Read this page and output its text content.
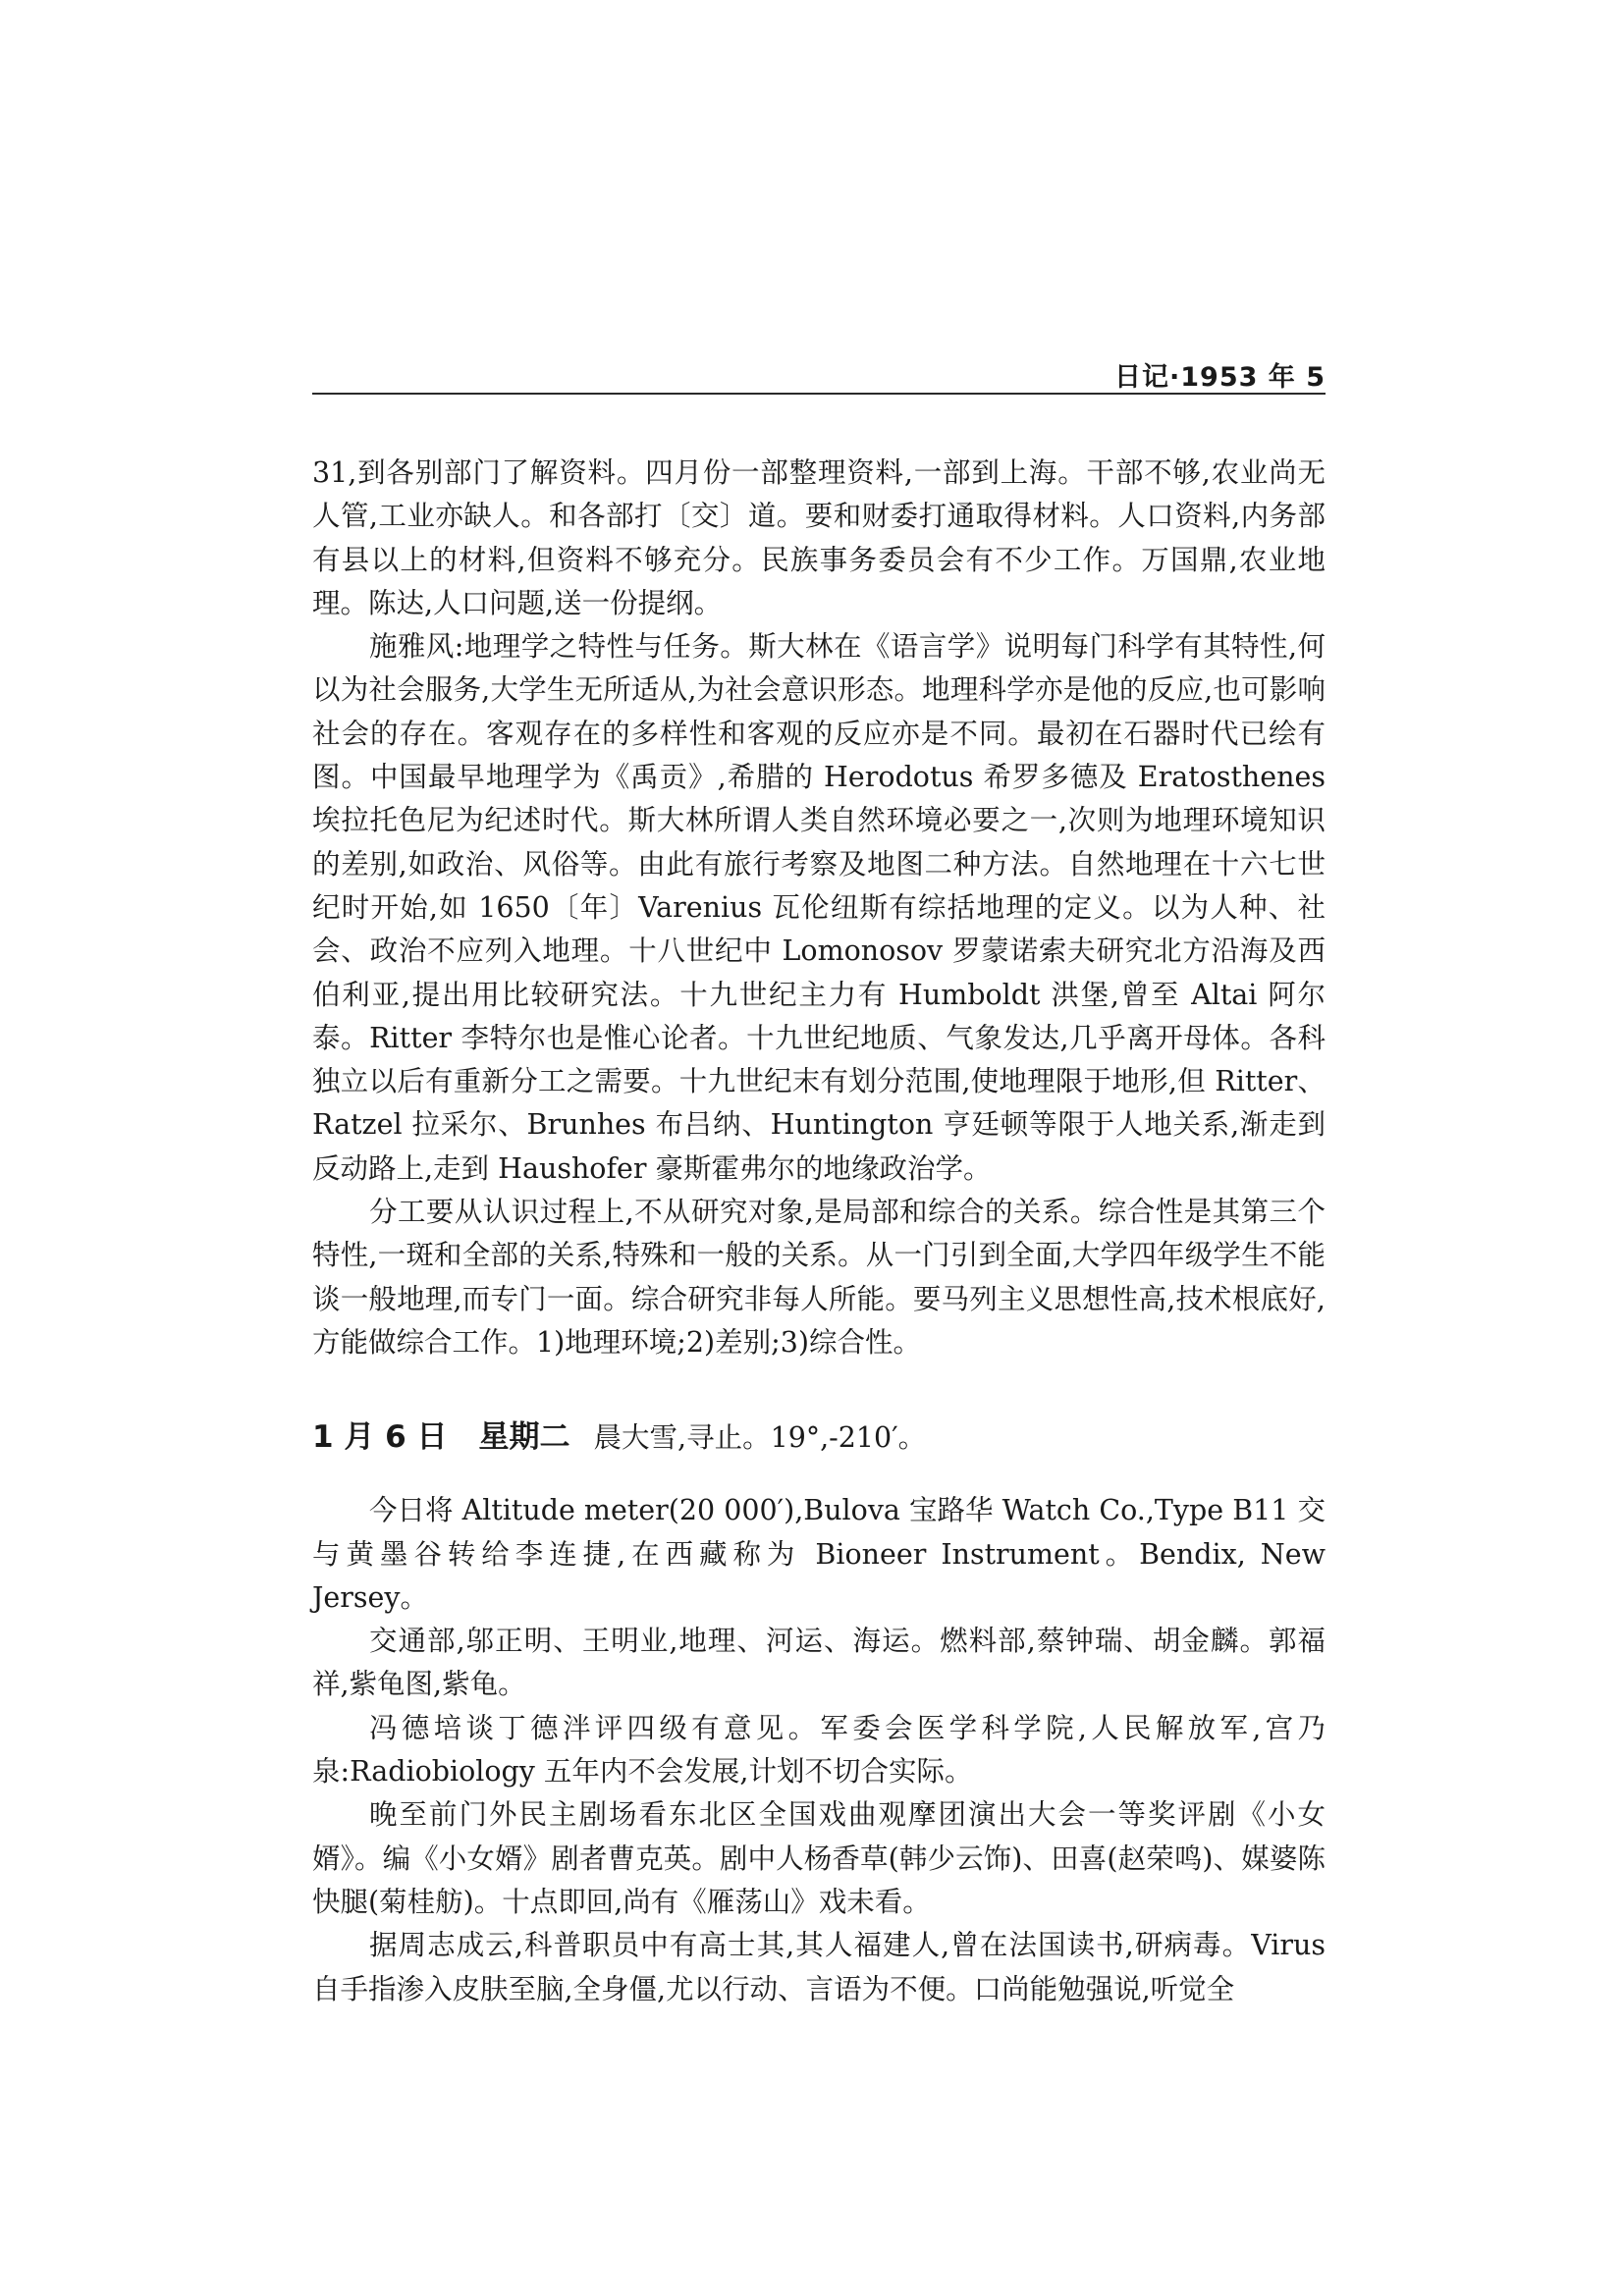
日记·1953 年 5

31,到各别部门了解资料。四月份一部整理资料,一部到上海。干部不够,农业尚无人管,工业亦缺人。和各部打〔交〕道。要和财委打通取得材料。人口资料,内务部有县以上的材料,但资料不够充分。民族事务委员会有不少工作。万国鼎,农业地理。陈达,人口问题,送一份提纲。

施雅风:地理学之特性与任务。斯大林在《语言学》说明每门科学有其特性,何以为社会服务,大学生无所适从,为社会意识形态。地理科学亦是他的反应,也可影响社会的存在。客观存在的多样性和客观的反应亦是不同。最初在石器时代已绘有图。中国最早地理学为《禹贡》,希腊的 Herodotus 希罗多德及 Eratosthenes 埃拉托色尼为纪述时代。斯大林所谓人类自然环境必要之一,次则为地理环境知识的差别,如政治、风俗等。由此有旅行考察及地图二种方法。自然地理在十六七世纪时开始,如 1650〔年〕Varenius 瓦伦纽斯有综括地理的定义。以为人种、社会、政治不应列入地理。十八世纪中 Lomonosov 罗蒙诺索夫研究北方沿海及西伯利亚,提出用比较研究法。十九世纪主力有 Humboldt 洪堡,曾至 Altai 阿尔泰。Ritter 李特尔也是惟心论者。十九世纪地质、气象发达,几乎离开母体。各科独立以后有重新分工之需要。十九世纪末有划分范围,使地理限于地形,但 Ritter、Ratzel 拉采尔、Brunhes 布吕纳、Huntington 亨廷顿等限于人地关系,渐走到反动路上,走到 Haushofer 豪斯霍弗尔的地缘政治学。

分工要从认识过程上,不从研究对象,是局部和综合的关系。综合性是其第三个特性,一斑和全部的关系,特殊和一般的关系。从一门引到全面,大学四年级学生不能谈一般地理,而专门一面。综合研究非每人所能。要马列主义思想性高,技术根底好,方能做综合工作。1)地理环境;2)差别;3)综合性。

1 月 6 日 星期二 晨大雪,寻止。19°,-210′。

今日将 Altitude meter(20 000′),Bulova 宝路华 Watch Co.,Type B11 交与黄墨谷转给李连捷,在西藏称为 Bioneer Instrument。Bendix, New Jersey。

交通部,邬正明、王明业,地理、河运、海运。燃料部,蔡钟瑞、胡金麟。郭福祥,紫龟图,紫龟。

冯德培谈丁德泮评四级有意见。军委会医学科学院,人民解放军,宫乃泉:Radiobiology 五年内不会发展,计划不切合实际。

晚至前门外民主剧场看东北区全国戏曲观摩团演出大会一等奖评剧《小女婿》。编《小女婿》剧者曹克英。剧中人杨香草(韩少云饰)、田喜(赵荣鸣)、媒婆陈快腿(菊桂舫)。十点即回,尚有《雁荡山》戏未看。

据周志成云,科普职员中有高士其,其人福建人,曾在法国读书,研病毒。Virus 自手指渗入皮肤至脑,全身僵,尤以行动、言语为不便。口尚能勉强说,听觉全
